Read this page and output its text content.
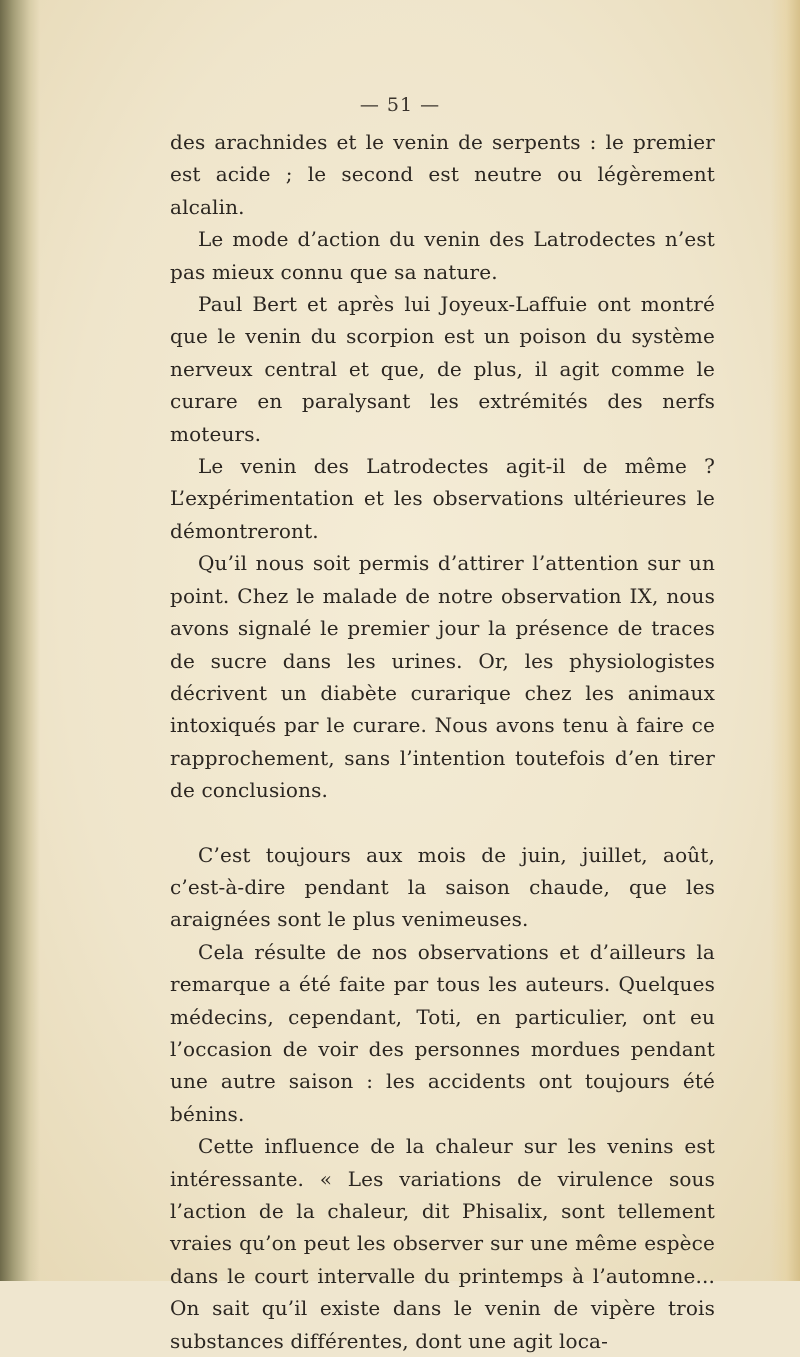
— 51 —

des arachnides et le venin de serpents : le premier est acide ; le second est neutre ou légèrement alcalin.

Le mode d’action du venin des Latrodectes n’est pas mieux connu que sa nature.

Paul Bert et après lui Joyeux-Laffuie ont montré que le venin du scorpion est un poison du système nerveux central et que, de plus, il agit comme le curare en paralysant les extrémités des nerfs moteurs.

Le venin des Latrodectes agit-il de même ? L’expérimentation et les observations ultérieures le démontreront.

Qu’il nous soit permis d’attirer l’attention sur un point. Chez le malade de notre observation IX, nous avons signalé le premier jour la présence de traces de sucre dans les urines. Or, les physiologistes décrivent un diabète curarique chez les animaux intoxiqués par le curare. Nous avons tenu à faire ce rapprochement, sans l’intention toutefois d’en tirer de conclusions.

C’est toujours aux mois de juin, juillet, août, c’est-à-dire pendant la saison chaude, que les araignées sont le plus venimeuses.

Cela résulte de nos observations et d’ailleurs la remarque a été faite par tous les auteurs. Quelques médecins, cependant, Toti, en particulier, ont eu l’occasion de voir des personnes mordues pendant une autre saison : les accidents ont toujours été bénins.

Cette influence de la chaleur sur les venins est intéressante. « Les variations de virulence sous l’action de la chaleur, dit Phisalix, sont tellement vraies qu’on peut les observer sur une même espèce dans le court intervalle du printemps à l’automne... On sait qu’il existe dans le venin de vipère trois substances différentes, dont une agit loca-
